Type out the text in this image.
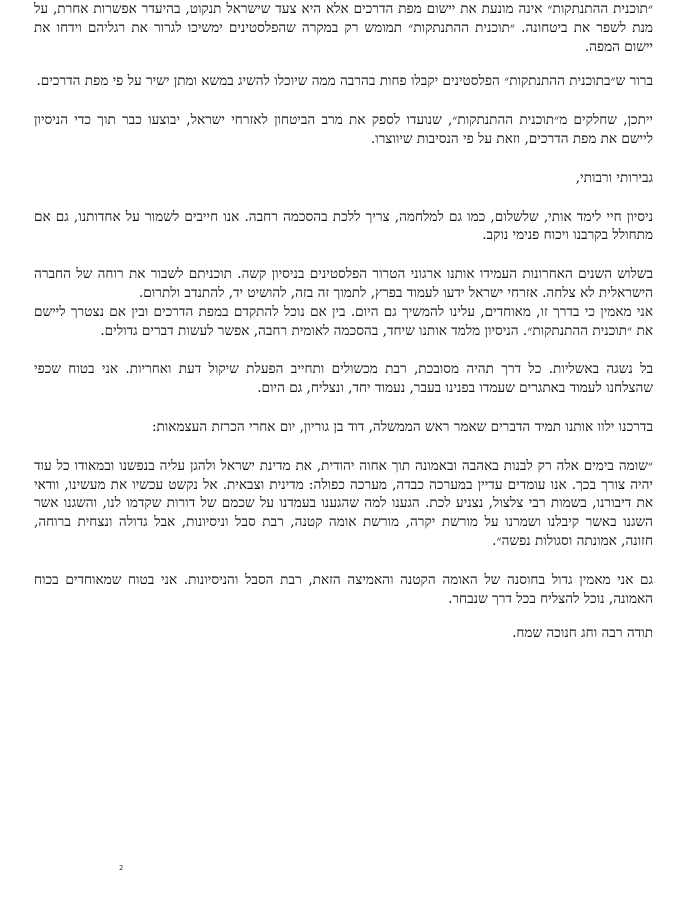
״תוכנית ההתנתקות״ אינה מונעת את יישום מפת הדרכים אלא היא צעד שישראל תנקוט, בהיעדר אפשרות אחרת, על מנת לשפר את ביטחונה. ״תוכנית ההתנתקות״ תמומש רק במקרה שהפלסטינים ימשיכו לגרור את רגליהם וידחו את יישום המפה.

ברור ש״בתוכנית ההתנתקות״ הפלסטינים יקבלו פחות בהרבה ממה שיוכלו להשיג במשא ומתן ישיר על פי מפת הדרכים.

ייתכן, שחלקים מ״תוכנית ההתנתקות״, שנועדו לספק את מרב הביטחון לאזרחי ישראל, יבוצעו כבר תוך כדי הניסיון ליישם את מפת הדרכים, וזאת על פי הנסיבות שיווצרו.

גבירותי ורבותי,

ניסיון חיי לימד אותי, שלשלום, כמו גם למלחמה, צריך ללכת בהסכמה רחבה. אנו חייבים לשמור על אחדותנו, גם אם מתחולל בקרבנו ויכוח פנימי נוקב.

בשלוש השנים האחרונות העמידו אותנו ארגוני הטרור הפלסטינים בניסיון קשה. תוכניתם לשבור את רוחה של החברה הישראלית לא צלחה. אזרחי ישראל ידעו לעמוד בפרץ, לתמוך זה בזה, להושיט יד, להתנדב ולתרום.

אני מאמין כי בדרך זו, מאוחדים, עלינו להמשיך גם היום. בין אם נוכל להתקדם במפת הדרכים ובין אם נצטרך ליישם את ״תוכנית ההתנתקות״. הניסיון מלמד אותנו שיחד, בהסכמה לאומית רחבה, אפשר לעשות דברים גדולים.

בל נשגה באשליות. כל דרך תהיה מסובכת, רבת מכשולים ותחייב הפעלת שיקול דעת ואחריות. אני בטוח שכפי שהצלחנו לעמוד באתגרים שעמדו בפנינו בעבר, נעמוד יחד, ונצליח, גם היום.

בדרכנו ילוו אותנו תמיד הדברים שאמר ראש הממשלה, דוד בן גוריון, יום אחרי הכרזת העצמאות:

״שומה בימים אלה רק לבנות באהבה ובאמונה תוך אחוה יהודית, את מדינת ישראל ולהגן עליה בנפשנו ובמאודו כל עוד יהיה צורך בכך. אנו עומדים עדיין במערכה כבדה, מערכה כפולה: מדינית וצבאית. אל נקשט עכשיו את מעשינו, וודאי את דיבורנו, בשמות רבי צלצול, נצניע לכת. הגענו למה שהגענו בעמדנו על שכמם של דורות שקדמו לנו, והשגנו אשר השגנו באשר קיבלנו ושמרנו על מורשת יקרה, מורשת אומה קטנה, רבת סבל וניסיונות, אבל גדולה ונצחית ברוחה, חזונה, אמונתה וסגולות נפשה״.

גם אני מאמין גדול בחוסנה של האומה הקטנה והאמיצה הזאת, רבת הסבל והניסיונות. אני בטוח שמאוחדים בכוח האמונה, נוכל להצליח בכל דרך שנבחר.

תודה רבה וחג חנוכה שמח.

2
